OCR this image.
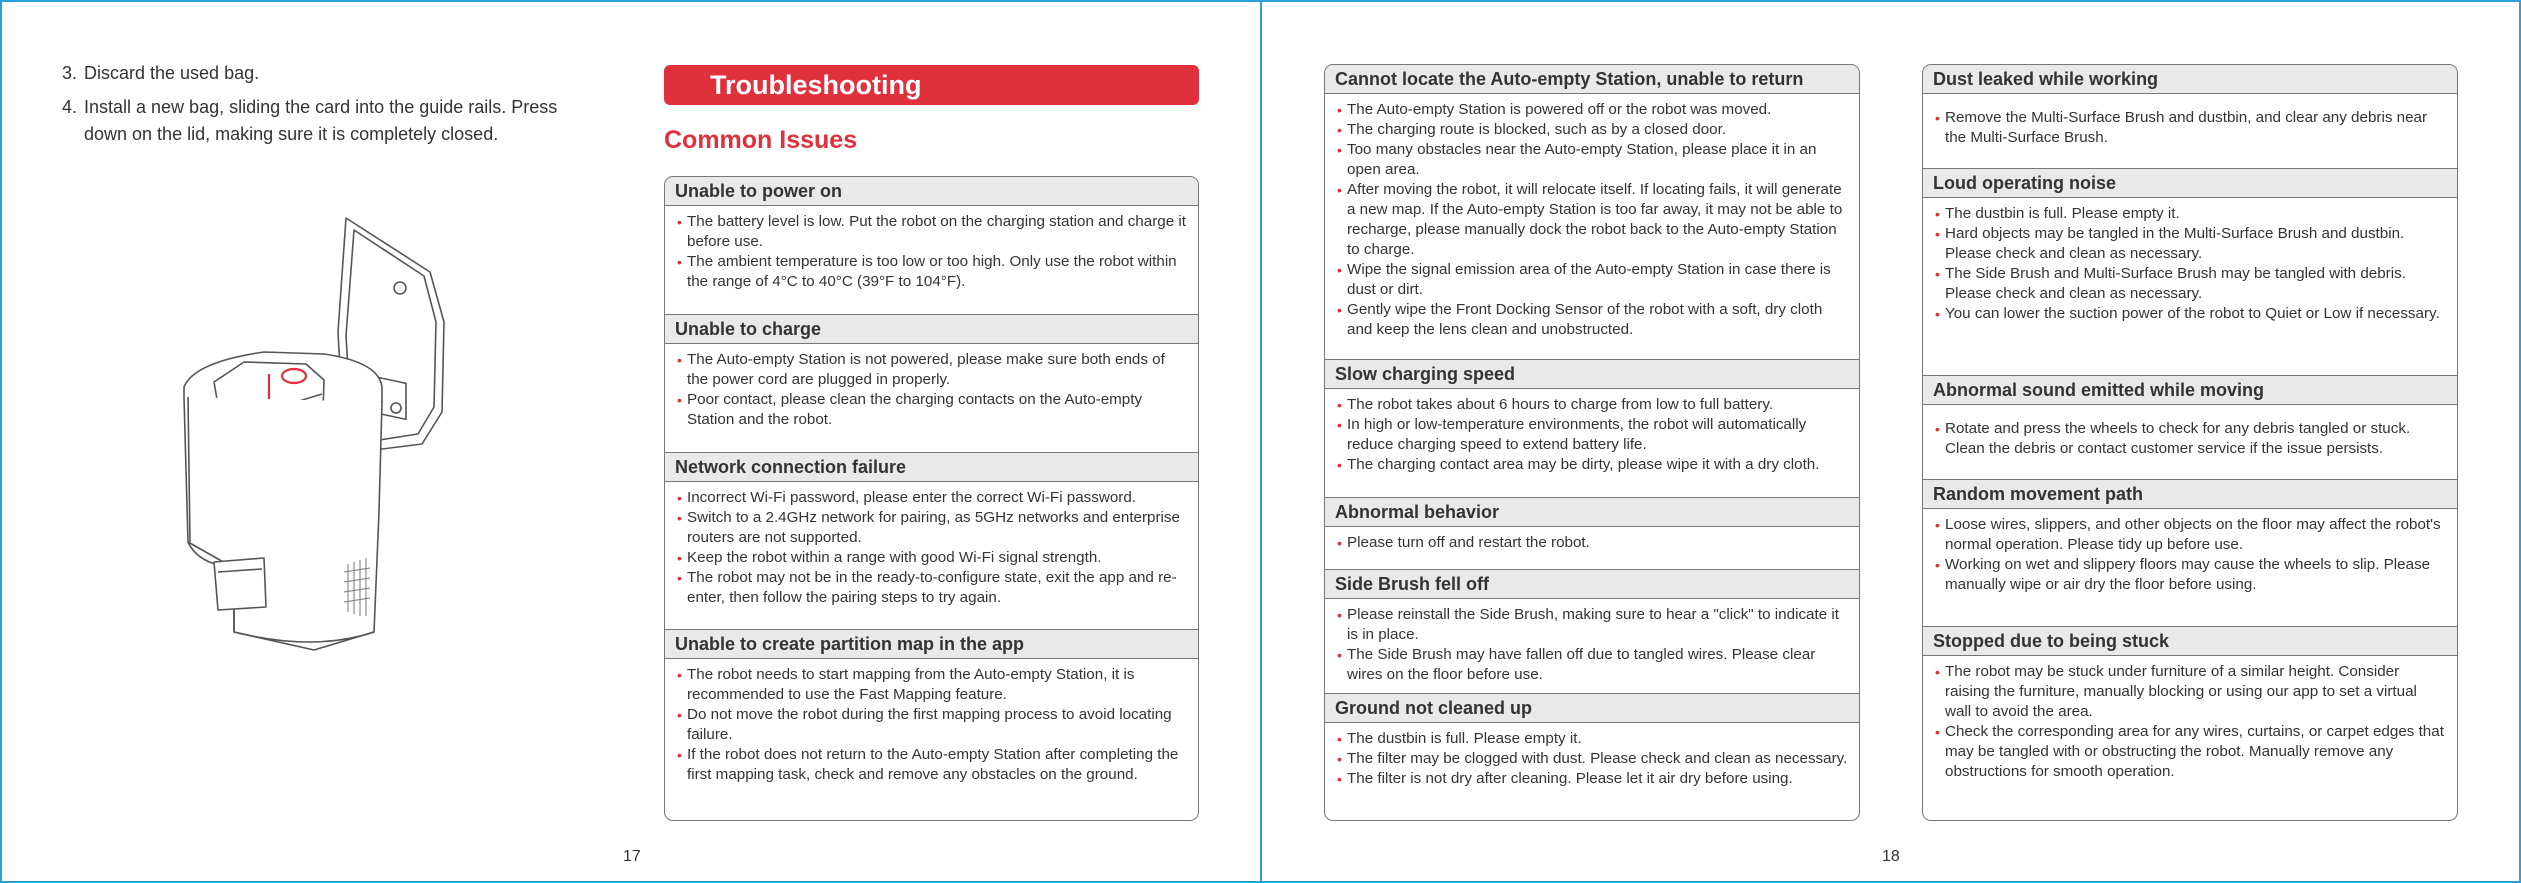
3. Discard the used bag.
4. Install a new bag, sliding the card into the guide rails. Press down on the lid, making sure it is completely closed.
Troubleshooting
Common Issues
Unable to power on
• The battery level is low. Put the robot on the charging station and charge it before use.
• The ambient temperature is too low or too high. Only use the robot within the range of 4°C to 40°C (39°F to 104°F).
Unable to charge
• The Auto-empty Station is not powered, please make sure both ends of the power cord are plugged in properly.
• Poor contact, please clean the charging contacts on the Auto-empty Station and the robot.
Network connection failure
• Incorrect Wi-Fi password, please enter the correct Wi-Fi password.
• Switch to a 2.4GHz network for pairing, as 5GHz networks and enterprise routers are not supported.
• Keep the robot within a range with good Wi-Fi signal strength.
• The robot may not be in the ready-to-configure state, exit the app and re-enter, then follow the pairing steps to try again.
Unable to create partition map in the app
• The robot needs to start mapping from the Auto-empty Station, it is recommended to use the Fast Mapping feature.
• Do not move the robot during the first mapping process to avoid locating failure.
• If the robot does not return to the Auto-empty Station after completing the first mapping task, check and remove any obstacles on the ground.
17
Cannot locate the Auto-empty Station, unable to return
• The Auto-empty Station is powered off or the robot was moved.
• The charging route is blocked, such as by a closed door.
• Too many obstacles near the Auto-empty Station, please place it in an open area.
• After moving the robot, it will relocate itself. If locating fails, it will generate a new map. If the Auto-empty Station is too far away, it may not be able to recharge, please manually dock the robot back to the Auto-empty Station to charge.
• Wipe the signal emission area of the Auto-empty Station in case there is dust or dirt.
• Gently wipe the Front Docking Sensor of the robot with a soft, dry cloth and keep the lens clean and unobstructed.
Slow charging speed
• The robot takes about 6 hours to charge from low to full battery.
• In high or low-temperature environments, the robot will automatically reduce charging speed to extend battery life.
• The charging contact area may be dirty, please wipe it with a dry cloth.
Abnormal behavior
• Please turn off and restart the robot.
Side Brush fell off
• Please reinstall the Side Brush, making sure to hear a "click" to indicate it is in place.
• The Side Brush may have fallen off due to tangled wires. Please clear wires on the floor before use.
Ground not cleaned up
• The dustbin is full. Please empty it.
• The filter may be clogged with dust. Please check and clean as necessary.
• The filter is not dry after cleaning. Please let it air dry before using.
Dust leaked while working
• Remove the Multi-Surface Brush and dustbin, and clear any debris near the Multi-Surface Brush.
Loud operating noise
• The dustbin is full. Please empty it.
• Hard objects may be tangled in the Multi-Surface Brush and dustbin. Please check and clean as necessary.
• The Side Brush and Multi-Surface Brush may be tangled with debris. Please check and clean as necessary.
• You can lower the suction power of the robot to Quiet or Low if necessary.
Abnormal sound emitted while moving
• Rotate and press the wheels to check for any debris tangled or stuck. Clean the debris or contact customer service if the issue persists.
Random movement path
• Loose wires, slippers, and other objects on the floor may affect the robot's normal operation. Please tidy up before use.
• Working on wet and slippery floors may cause the wheels to slip. Please manually wipe or air dry the floor before using.
Stopped due to being stuck
• The robot may be stuck under furniture of a similar height. Consider raising the furniture, manually blocking or using our app to set a virtual wall to avoid the area.
• Check the corresponding area for any wires, curtains, or carpet edges that may be tangled with or obstructing the robot. Manually remove any obstructions for smooth operation.
18
